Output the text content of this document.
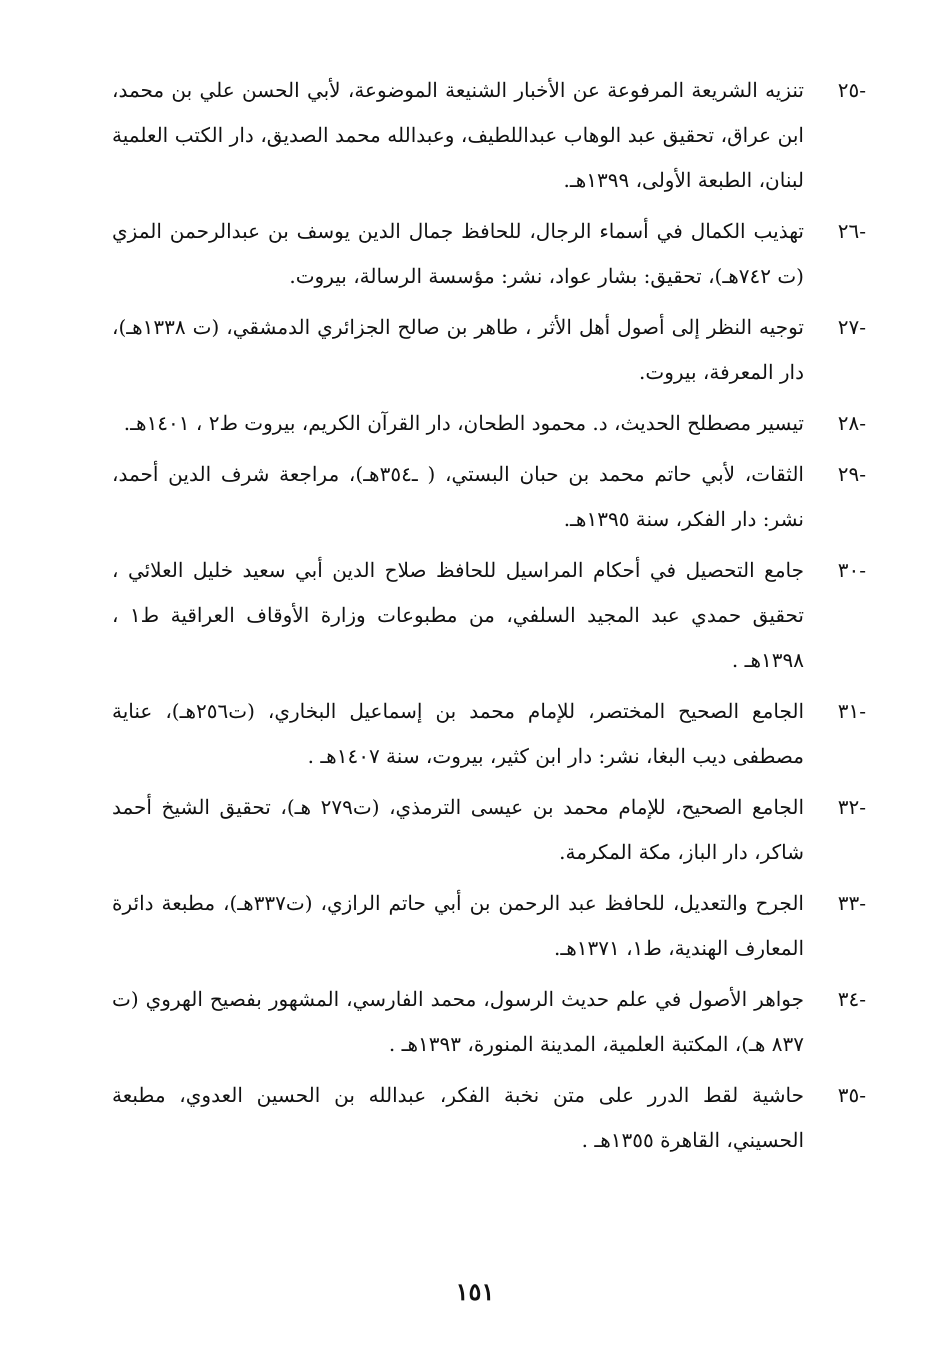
-٢٥
تنزيه الشريعة المرفوعة عن الأخبار الشنيعة الموضوعة، لأبي الحسن علي بن محمد، ابن عراق، تحقيق عبد الوهاب عبداللطيف، وعبدالله محمد الصديق، دار الكتب العلمية لبنان، الطبعة الأولى، ١٣٩٩هـ.
-٢٦
تهذيب الكمال في أسماء الرجال، للحافظ جمال الدين يوسف بن عبدالرحمن المزي (ت ٧٤٢هـ)، تحقيق: بشار عواد، نشر: مؤسسة الرسالة، بيروت.
-٢٧
توجيه النظر إلى أصول أهل الأثر ، طاهر بن صالح الجزائري الدمشقي، (ت ١٣٣٨هـ)، دار المعرفة، بيروت.
-٢٨
تيسير مصطلح الحديث، د. محمود الطحان، دار القرآن الكريم، بيروت ط٢ ، ١٤٠١هـ.
-٢٩
الثقات، لأبي حاتم محمد بن حبان البستي، ( ـ٣٥٤هـ)، مراجعة شرف الدين أحمد، نشر: دار الفكر، سنة ١٣٩٥هـ.
-٣٠
جامع التحصيل في أحكام المراسيل للحافظ صلاح الدين أبي سعيد خليل العلائي ، تحقيق حمدي عبد المجيد السلفي، من مطبوعات وزارة الأوقاف العراقية ط١ ، ١٣٩٨هـ .
-٣١
الجامع الصحيح المختصر، للإمام محمد بن إسماعيل البخاري، (ت٢٥٦هـ)، عناية مصطفى ديب البغا، نشر: دار ابن كثير، بيروت، سنة ١٤٠٧هـ .
-٣٢
الجامع الصحيح، للإمام محمد بن عيسى الترمذي، (ت٢٧٩ هـ)، تحقيق الشيخ أحمد شاكر، دار الباز، مكة المكرمة.
-٣٣
الجرح والتعديل، للحافظ عبد الرحمن بن أبي حاتم الرازي، (ت٣٣٧هـ)، مطبعة دائرة المعارف الهندية، ط١، ١٣٧١هـ.
-٣٤
جواهر الأصول في علم حديث الرسول، محمد الفارسي، المشهور بفصيح الهروي (ت ٨٣٧ هـ)، المكتبة العلمية، المدينة المنورة، ١٣٩٣هـ .
-٣٥
حاشية لقط الدرر على متن نخبة الفكر، عبدالله بن الحسين العدوي، مطبعة الحسيني، القاهرة ١٣٥٥هـ .
١٥١
